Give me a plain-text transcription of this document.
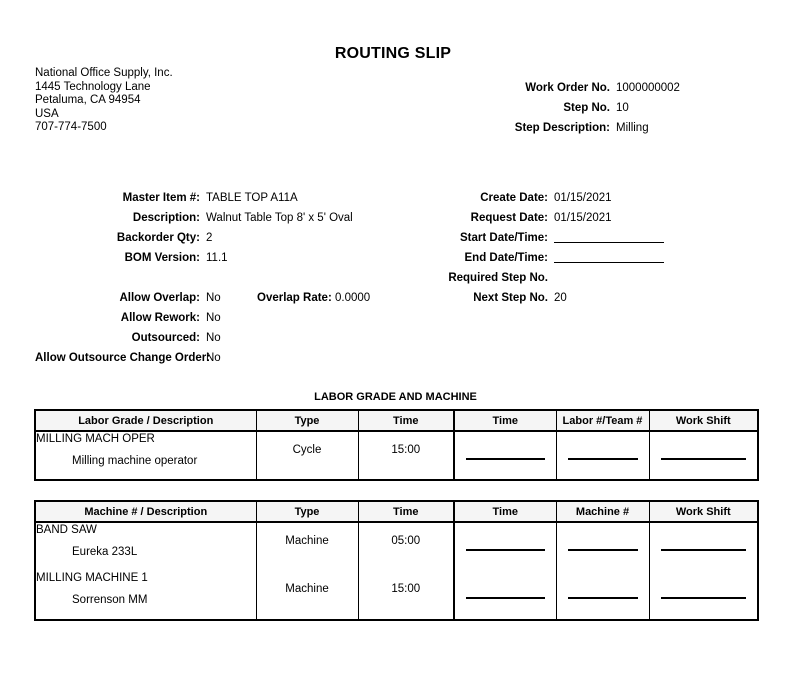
ROUTING SLIP
National Office Supply, Inc.
1445 Technology Lane
Petaluma, CA 94954
USA
707-774-7500
Work Order No. 1000000002
Step No. 10
Step Description: Milling
Master Item #: TABLE TOP A11A
Description: Walnut Table Top 8' x 5' Oval
Backorder Qty: 2
BOM Version: 11.1
Create Date: 01/15/2021
Request Date: 01/15/2021
Start Date/Time:
End Date/Time:
Required Step No.
Next Step No. 20
Allow Overlap: No	Overlap Rate: 0.0000
Allow Rework: No
Outsourced: No
Allow Outsource Change Order:
No
LABOR GRADE AND MACHINE
Labor Grade / Description	Type	Time	Time	Labor #/Team #	Work Shift

MILLING MACH OPER
Milling machine operator	Cycle	15:00	

Machine # / Description	Type	Time	Time	Machine #	Work Shift

BAND SAW
Eureka 233L	Machine	05:00	

MILLING MACHINE 1
Sorrenson MM	Machine	15:00	
